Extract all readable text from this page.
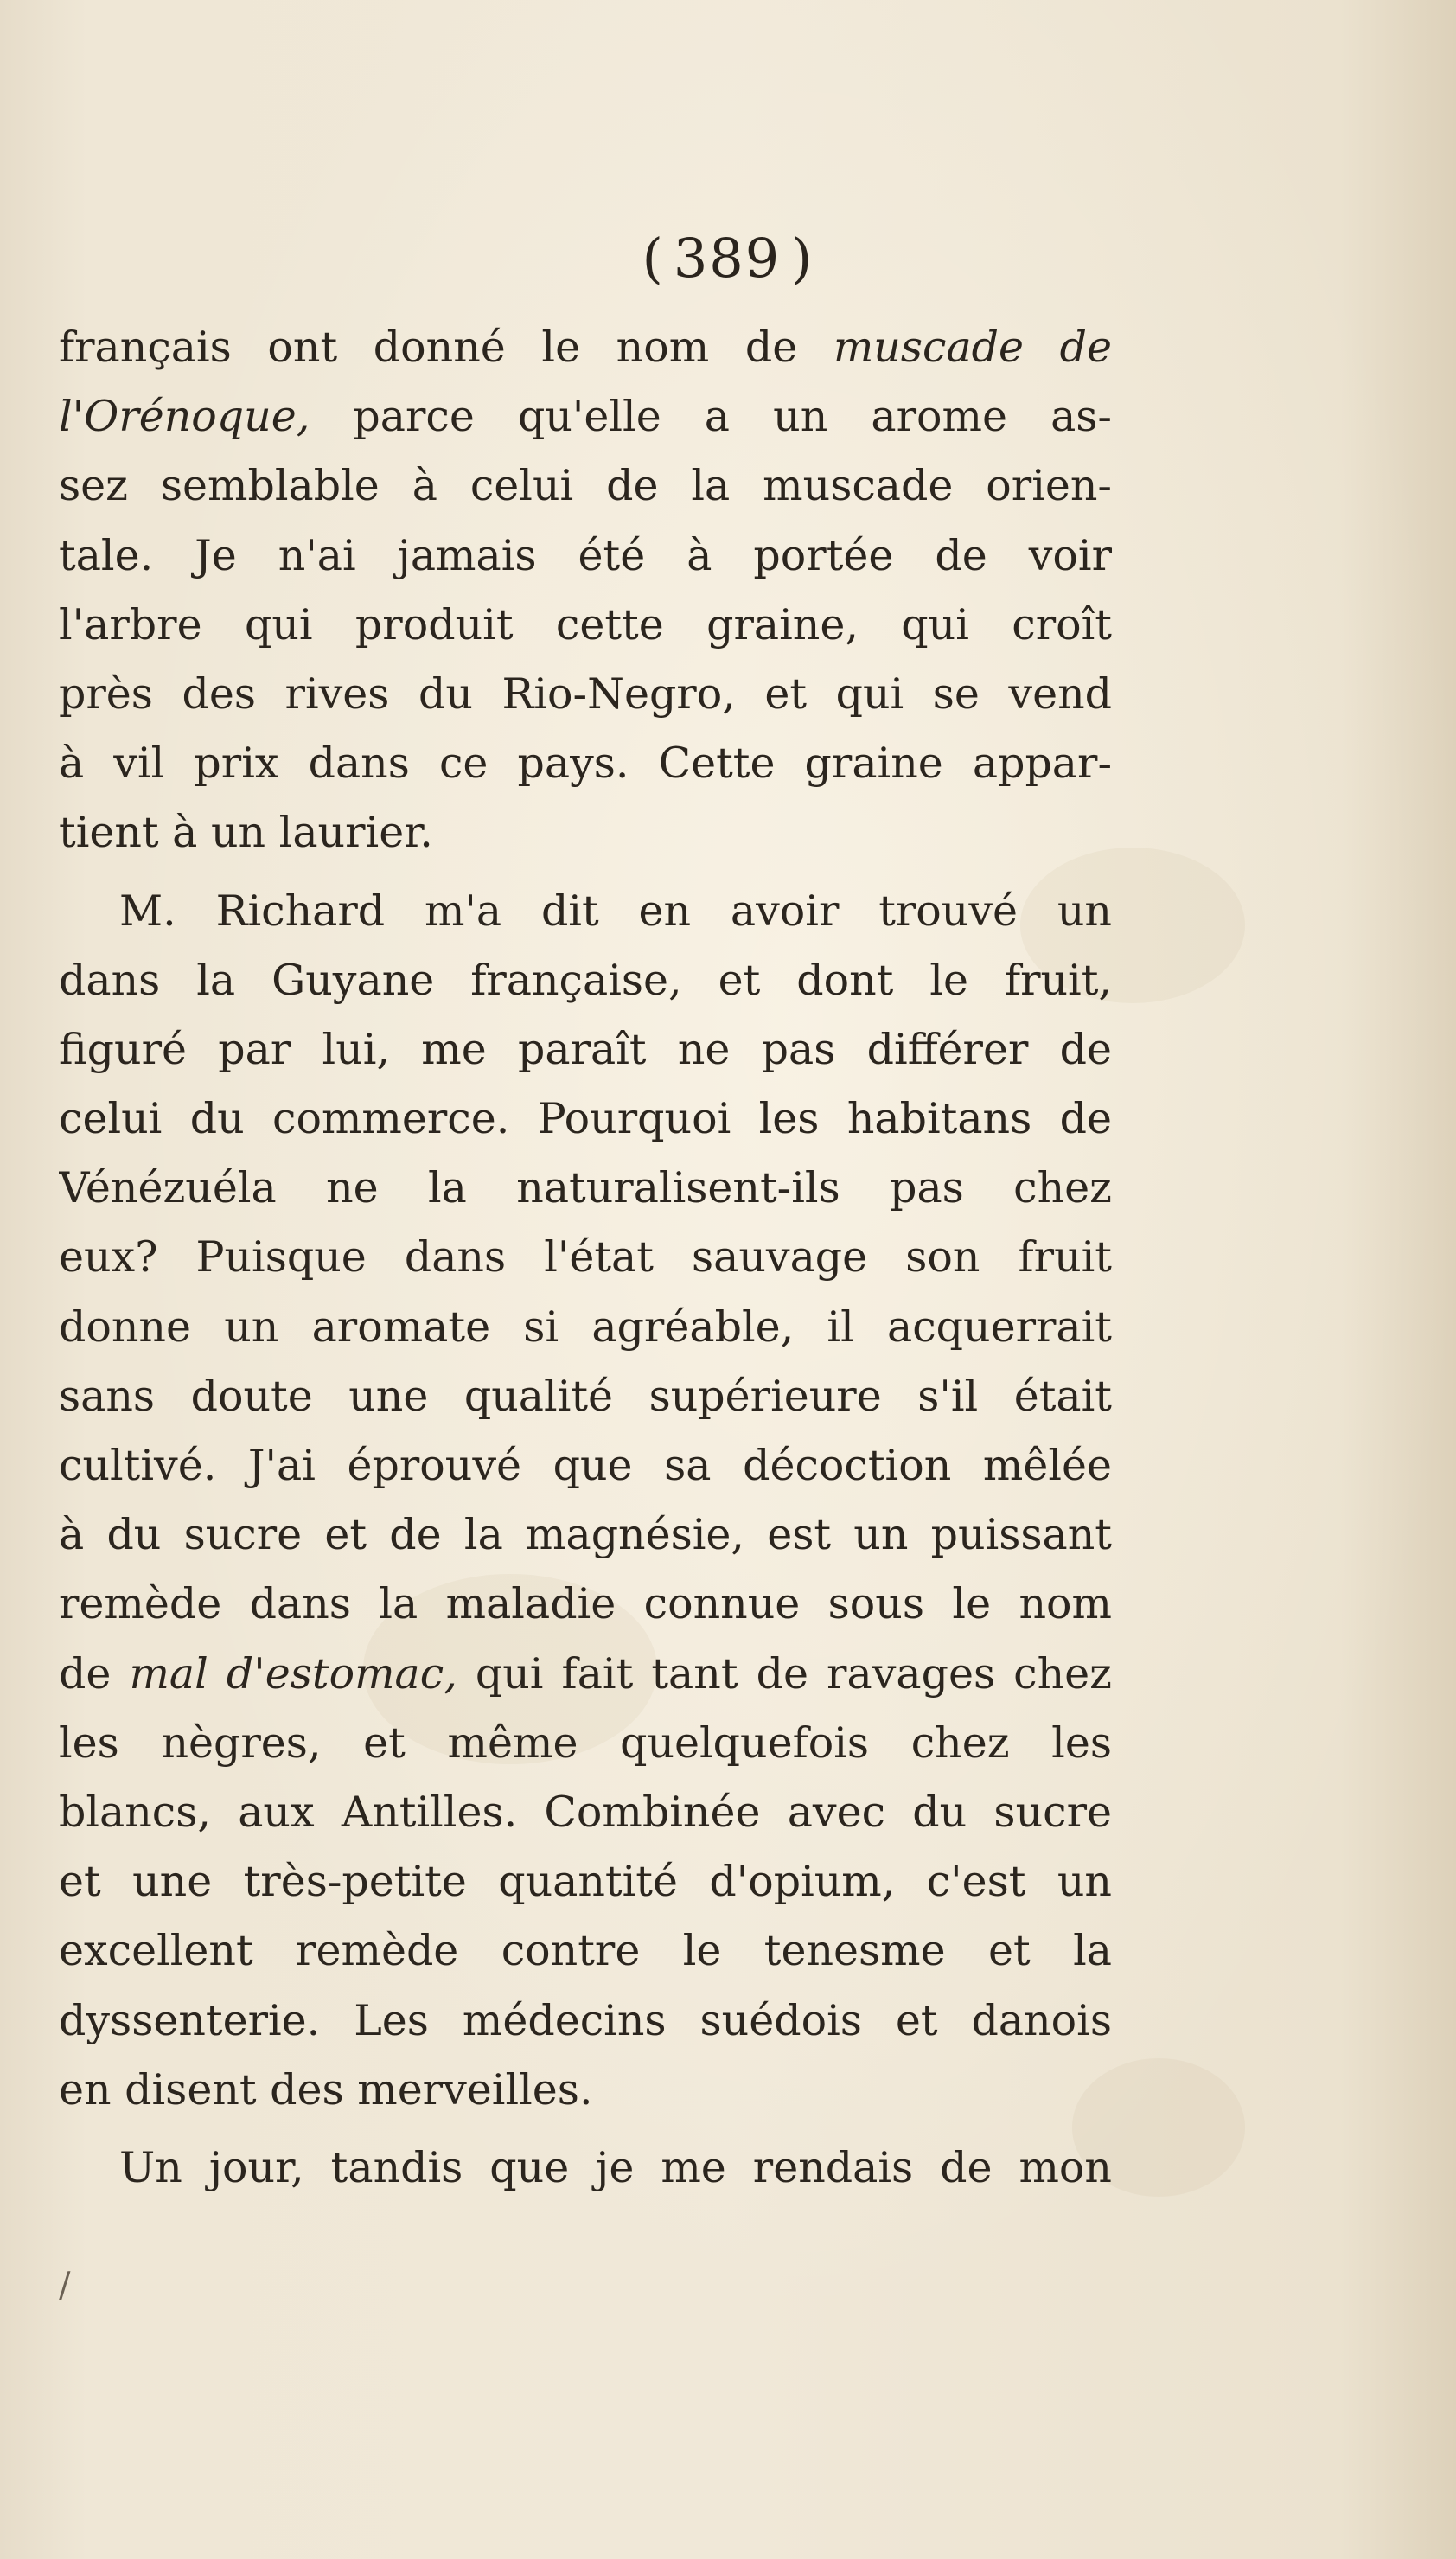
( 389 )
français ont donné le nom de muscade de
l'Orénoque, parce qu'elle a un arome as-
sez semblable à celui de la muscade orien-
tale. Je n'ai jamais été à portée de voir
l'arbre qui produit cette graine, qui croît
près des rives du Rio-Negro, et qui se vend
à vil prix dans ce pays. Cette graine appar-
tient à un laurier.
M. Richard m'a dit en avoir trouvé un
dans la Guyane française, et dont le fruit,
figuré par lui, me paraît ne pas différer de
celui du commerce. Pourquoi les habitans de
Vénézuéla ne la naturalisent-ils pas chez
eux? Puisque dans l'état sauvage son fruit
donne un aromate si agréable, il acquerrait
sans doute une qualité supérieure s'il était
cultivé. J'ai éprouvé que sa décoction mêlée
à du sucre et de la magnésie, est un puissant
remède dans la maladie connue sous le nom
de mal d'estomac, qui fait tant de ravages chez
les nègres, et même quelquefois chez les
blancs, aux Antilles. Combinée avec du sucre
et une très-petite quantité d'opium, c'est un
excellent remède contre le tenesme et la
dyssenterie. Les médecins suédois et danois
en disent des merveilles.
Un jour, tandis que je me rendais de mon
/
